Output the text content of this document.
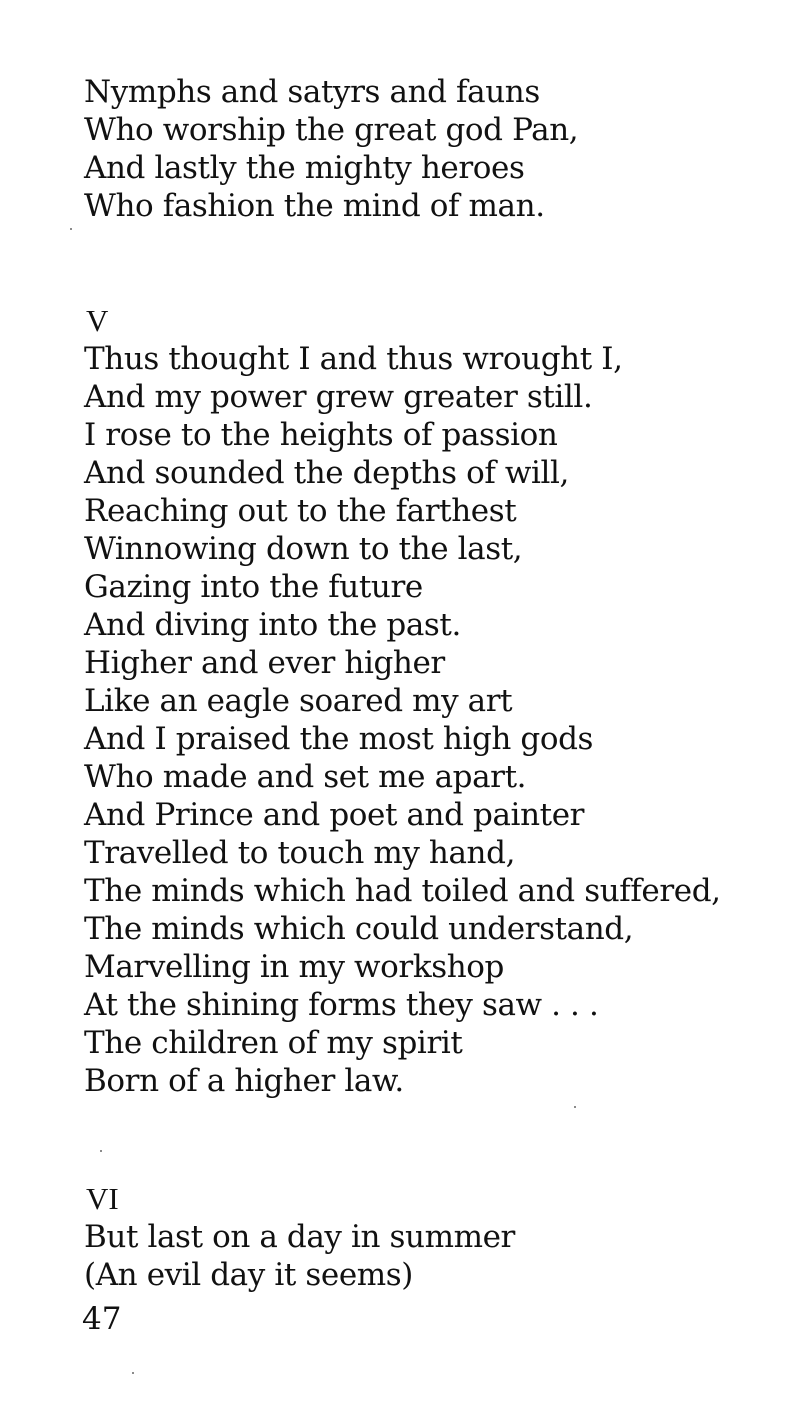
Nymphs and satyrs and fauns
Who worship the great god Pan,
And lastly the mighty heroes
Who fashion the mind of man.
V
Thus thought I and thus wrought I,
And my power grew greater still.
I rose to the heights of passion
And sounded the depths of will,
Reaching out to the farthest
Winnowing down to the last,
Gazing into the future
And diving into the past.
Higher and ever higher
Like an eagle soared my art
And I praised the most high gods
Who made and set me apart.
And Prince and poet and painter
Travelled to touch my hand,
The minds which had toiled and suffered,
The minds which could understand,
Marvelling in my workshop
At the shining forms they saw . . .
The children of my spirit
Born of a higher law.
VI
But last on a day in summer
(An evil day it seems)
47
